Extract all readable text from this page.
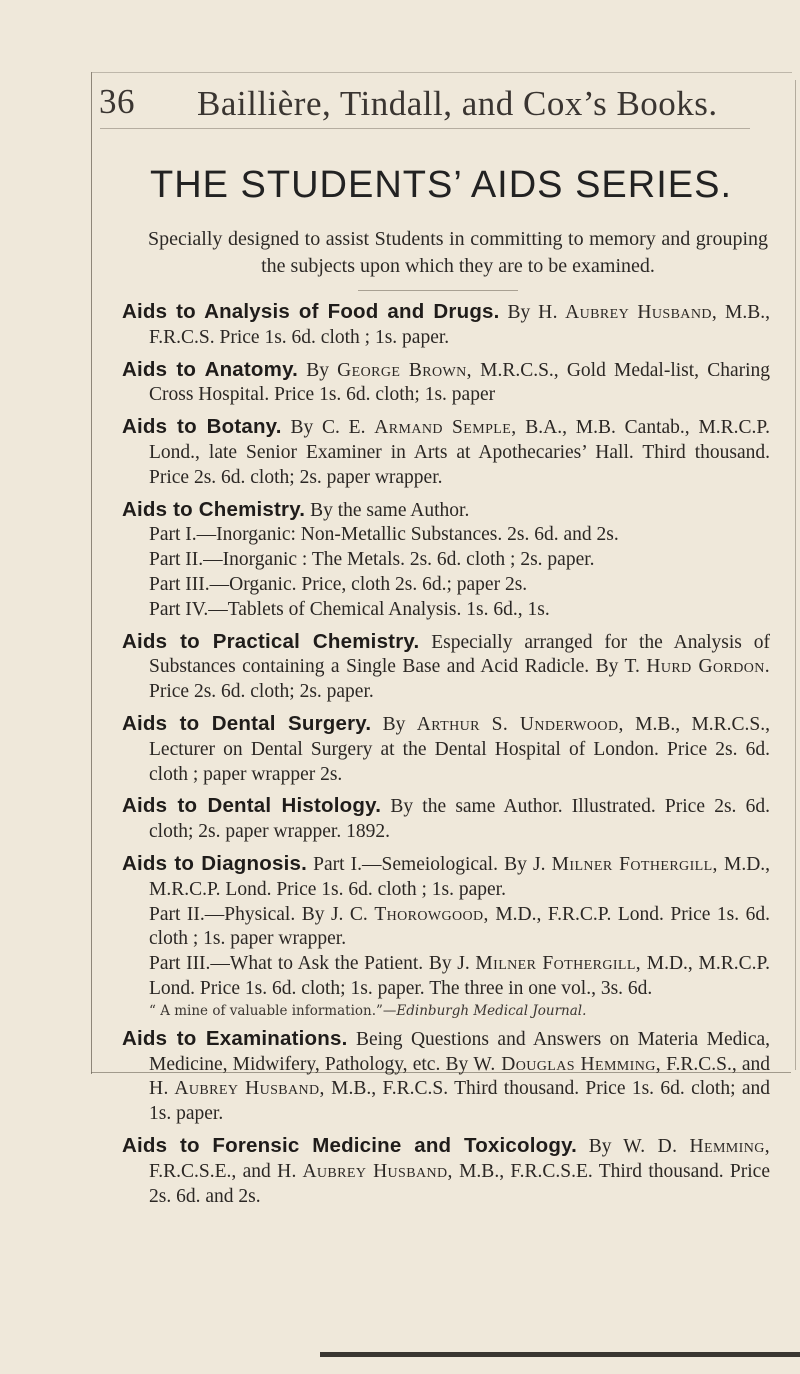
36 Baillière, Tindall, and Cox’s Books.
THE STUDENTS’ AIDS SERIES.
Specially designed to assist Students in committing to memory and grouping the subjects upon which they are to be examined.

Aids to Analysis of Food and Drugs. By H. Aubrey Husband, M.B., F.R.C.S. Price 1s. 6d. cloth ; 1s. paper.

Aids to Anatomy. By George Brown, M.R.C.S., Gold Medal-list, Charing Cross Hospital. Price 1s. 6d. cloth; 1s. paper

Aids to Botany. By C. E. Armand Semple, B.A., M.B. Cantab., M.R.C.P. Lond., late Senior Examiner in Arts at Apothecaries’ Hall. Third thousand. Price 2s. 6d. cloth; 2s. paper wrapper.

Aids to Chemistry. By the same Author.
Part I.—Inorganic: Non-Metallic Substances. 2s. 6d. and 2s.
Part II.—Inorganic : The Metals. 2s. 6d. cloth ; 2s. paper.
Part III.—Organic. Price, cloth 2s. 6d.; paper 2s.
Part IV.—Tablets of Chemical Analysis. 1s. 6d., 1s.

Aids to Practical Chemistry. Especially arranged for the Analysis of Substances containing a Single Base and Acid Radicle. By T. Hurd Gordon. Price 2s. 6d. cloth; 2s. paper.

Aids to Dental Surgery. By Arthur S. Underwood, M.B., M.R.C.S., Lecturer on Dental Surgery at the Dental Hospital of London. Price 2s. 6d. cloth ; paper wrapper 2s.

Aids to Dental Histology. By the same Author. Illustrated. Price 2s. 6d. cloth; 2s. paper wrapper. 1892.

Aids to Diagnosis. Part I.—Semeiological. By J. Milner Fothergill, M.D., M.R.C.P. Lond. Price 1s. 6d. cloth ; 1s. paper.
Part II.—Physical. By J. C. Thorowgood, M.D., F.R.C.P. Lond. Price 1s. 6d. cloth ; 1s. paper wrapper.
Part III.—What to Ask the Patient. By J. Milner Fothergill, M.D., M.R.C.P. Lond. Price 1s. 6d. cloth; 1s. paper. The three in one vol., 3s. 6d.
“ A mine of valuable information.”—Edinburgh Medical Journal.

Aids to Examinations. Being Questions and Answers on Materia Medica, Medicine, Midwifery, Pathology, etc. By W. Douglas Hemming, F.R.C.S., and H. Aubrey Husband, M.B., F.R.C.S. Third thousand. Price 1s. 6d. cloth; and 1s. paper.

Aids to Forensic Medicine and Toxicology. By W. D. Hemming, F.R.C.S.E., and H. Aubrey Husband, M.B., F.R.C.S.E. Third thousand. Price 2s. 6d. and 2s.
